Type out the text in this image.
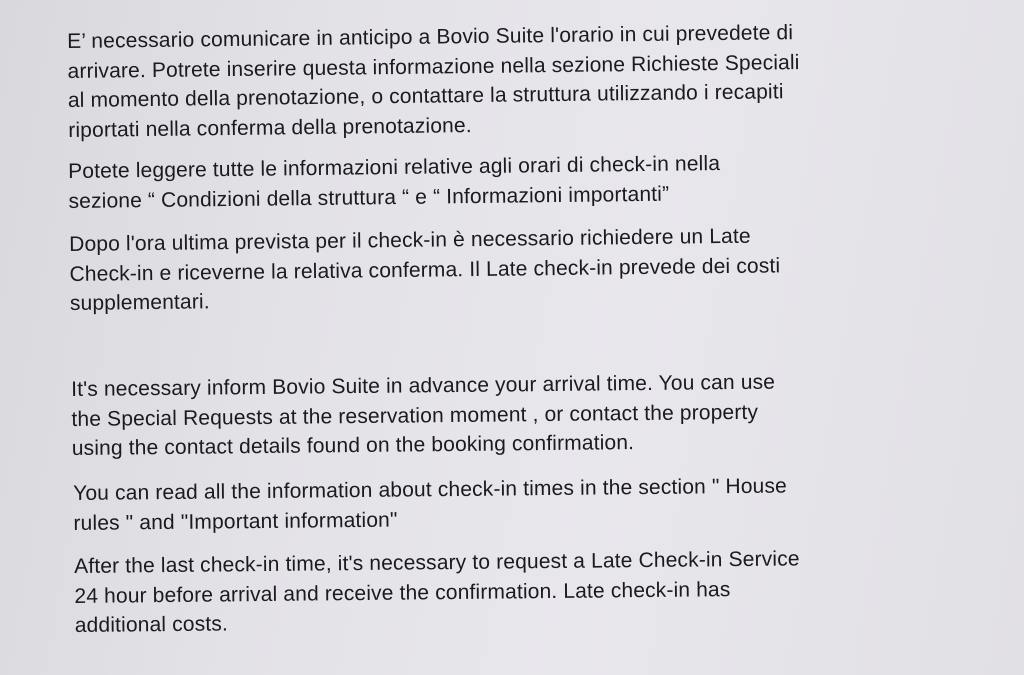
E’ necessario comunicare in anticipo a Bovio Suite l'orario in cui prevedete di
arrivare. Potrete inserire questa informazione nella sezione Richieste Speciali
al momento della prenotazione, o contattare la struttura utilizzando i recapiti
riportati nella conferma della prenotazione.

Potete leggere tutte le informazioni relative agli orari di check-in nella
sezione “ Condizioni della struttura “ e “ Informazioni importanti”

Dopo l'ora ultima prevista per il check-in è necessario richiedere un Late
Check-in e riceverne la relativa conferma. Il Late check-in prevede dei costi
supplementari.

It's necessary inform Bovio Suite in advance your arrival time. You can use
the Special Requests at the reservation moment , or contact the property
using the contact details found on the booking confirmation.

You can read all the information about check-in times in the section " House
rules " and "Important information"

After the last check-in time, it's necessary to request a Late Check-in Service
24 hour before arrival and receive the confirmation. Late check-in has
additional costs.
